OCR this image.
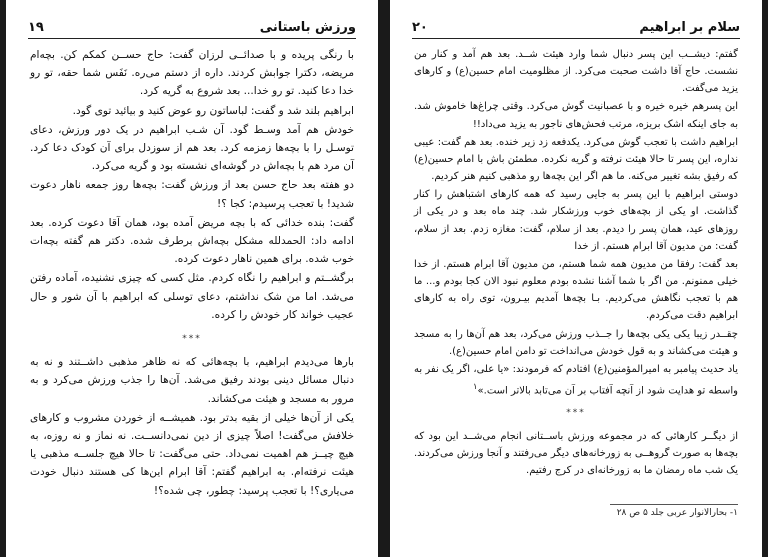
۱۹	ورزش باستانی

با رنگی پریده و با صدائــی لرزان گفت: حاج حســن کمکم کن. بچه‌ام مریضه، دکترا جوابش کردند. داره از دستم می‌ره. نَفَس شما حقه، تو رو خدا دعا کنید. تو رو خدا... بعد شروع به گریه کرد.

ابراهیم بلند شد و گفت: لباساتون رو عوض کنید و بیائید توی گود.

خودش هم آمد وسـط گود. آن شـب ابراهیم در یک دور ورزش، دعای توسـل را با بچه‌ها زمزمه کرد. بعد هم از سوزدل برای آن کودک دعا کرد. آن مرد هم با بچه‌اش در گوشه‌ای نشسته بود و گریه می‌کرد.

دو هفته بعد حاج حسن بعد از ورزش گفت: بچه‌ها روز جمعه ناهار دعوت شدید! با تعجب پرسیدم: کجا ؟!

گفت: بنده خدائی که با بچه مریض آمده بود، همان آقا دعوت کرده. بعد ادامه داد: الحمدلله مشکل بچه‌اش برطرف شده. دکتر هم گفته بچه‌ات خوب شده. برای همین ناهار دعوت کرده.

برگشــتم و ابراهیم را نگاه کردم. مثل کسی که چیزی نشنیده، آماده رفتن می‌شد. اما من شک نداشتم، دعای توسلی که ابراهیم با آن شور و حال عجیب خواند کار خودش را کرده.

***

بارها می‌دیدم ابراهیم، با بچه‌هائی که نه ظاهر مذهبی داشــتند و نه به دنبال مسائل دینی بودند رفیق می‌شد. آن‌ها را جذب ورزش می‌کرد و به مرور به مسجد و هیئت می‌کشاند.

یکی از آن‌ها خیلی از بقیه بدتر بود. همیشــه از خوردن مشروب و کارهای خلافش می‌گفت! اصلاً چیزی از دین نمی‌دانســت. نه نماز و نه روزه، به هیچ چیــز هم اهمیت نمی‌داد. حتی می‌گفت: تا حالا هیچ جلســه مذهبی یا هیئت نرفته‌ام. به ابراهیم گفتم: آقا ابرام این‌ها کی هستند دنبال خودت می‌یاری؟! با تعجب پرسید: چطور، چی شده؟!

۲۰	سلام بر ابراهیم

گفتم: دیشــب این پسر دنبال شما وارد هیئت شــد. بعد هم آمد و کنار من نشست. حاج آقا داشت صحبت می‌کرد. از مظلومیت امام حسین(ع) و کارهای یزید می‌گفت.

این پسرهم خیره خیره و با عصبانیت گوش می‌کرد. وقتی چراغ‌ها خاموش شد. به جای اینکه اشک بریزه، مرتب فحش‌های ناجور به یزید می‌داد!!

ابراهیم داشت با تعجب گوش می‌کرد. یکدفعه زد زیر خنده. بعد هم گفت: عیبی نداره، این پسر تا حالا هیئت نرفته و گریه نکرده. مطمئن باش با امام حسین(ع) که رفیق بشه تغییر می‌کنه. ما هم اگر این بچه‌ها رو مذهبی کنیم هنر کردیم.

دوستی ابراهیم با این پسر به جایی رسید که همه کارهای اشتباهش را کنار گذاشت. او یکی از بچه‌های خوب ورزشکار شد. چند ماه بعد و در یکی از روزهای عید، همان پسر را دیدم. بعد از سلام، گفت: مغازه زدم. بعد از سلام، گفت: من مدیون آقا ابرام هستم. از خدا

بعد گفت: رفقا من مدیون همه شما هستم، من مدیون آقا ابرام هستم. از خدا خیلی ممنونم. من اگر با شما آشنا نشده بودم معلوم نبود الان کجا بودم و... ما هم با تعجب نگاهش می‌کردیم. بـا بچه‌ها آمدیم بیـرون، توی راه به کارهای ابراهیم دقت می‌کردم.

چقــدر زیبا یکی یکی بچه‌ها را جــذب ورزش می‌کرد، بعد هم آن‌ها را به مسجد و هیئت می‌کشاند و به قول خودش می‌انداخت تو دامن امام حسین(ع).

یاد حدیث پیامبر به امیرالمؤمنین(ع) افتادم که فرمودند: «یا علی، اگر یک نفر به واسطه تو هدایت شود از آنچه آفتاب بر آن می‌تابد بالاتر است.»$^۱$

***

از دیگــر کارهائی که در مجموعه ورزش باســتانی انجام می‌شــد این بود که بچه‌ها به صورت گروهــی به زورخانه‌های دیگر می‌رفتند و آنجا ورزش می‌کردند. یک شب ماه رمضان ما به زورخانه‌ای در کرج رفتیم.

۱- بحارالانوار عربی جلد ۵ ص ۲۸
